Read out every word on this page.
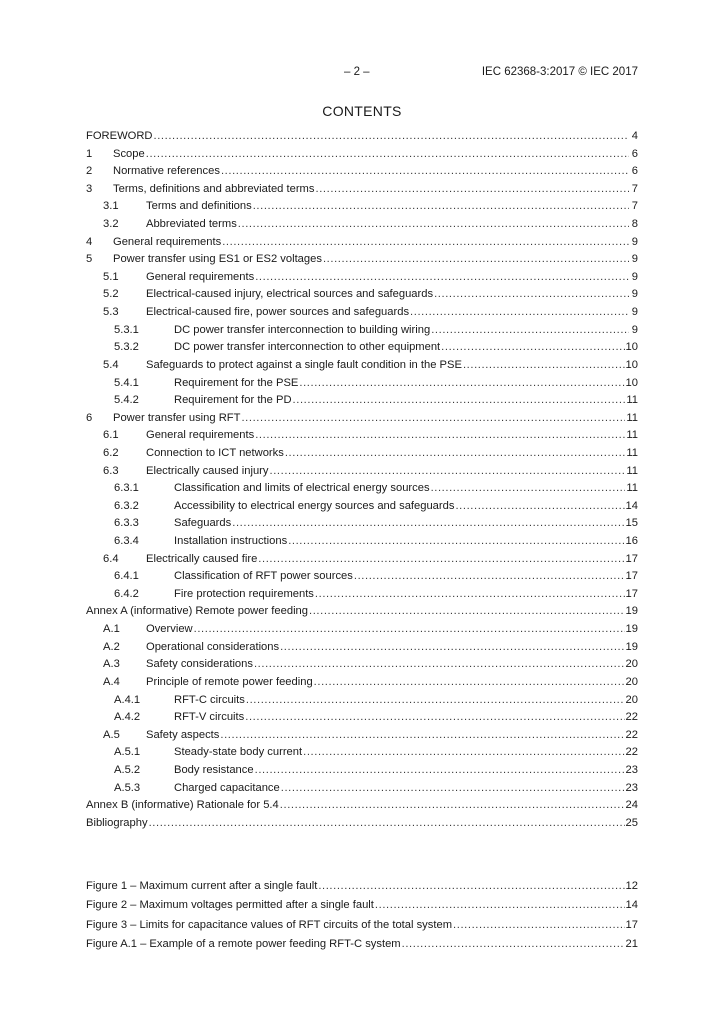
– 2 –	IEC 62368-3:2017 © IEC 2017
CONTENTS
FOREWORD .....	4
1	Scope .....	6
2	Normative references .....	6
3	Terms, definitions and abbreviated terms .....	7
3.1	Terms and definitions .....	7
3.2	Abbreviated terms .....	8
4	General requirements .....	9
5	Power transfer using ES1 or ES2 voltages .....	9
5.1	General requirements .....	9
5.2	Electrical-caused injury, electrical sources and safeguards .....	9
5.3	Electrical-caused fire, power sources and safeguards .....	9
5.3.1	DC power transfer interconnection to building wiring .....	9
5.3.2	DC power transfer interconnection to other equipment .....	10
5.4	Safeguards to protect against a single fault condition in the PSE .....	10
5.4.1	Requirement for the PSE .....	10
5.4.2	Requirement for the PD .....	11
6	Power transfer using RFT .....	11
6.1	General requirements .....	11
6.2	Connection to ICT networks .....	11
6.3	Electrically caused injury .....	11
6.3.1	Classification and limits of electrical energy sources .....	11
6.3.2	Accessibility to electrical energy sources and safeguards .....	14
6.3.3	Safeguards .....	15
6.3.4	Installation instructions .....	16
6.4	Electrically caused fire .....	17
6.4.1	Classification of RFT power sources .....	17
6.4.2	Fire protection requirements .....	17
Annex A (informative) Remote power feeding .....	19
A.1	Overview .....	19
A.2	Operational considerations .....	19
A.3	Safety considerations .....	20
A.4	Principle of remote power feeding .....	20
A.4.1	RFT-C circuits .....	20
A.4.2	RFT-V circuits .....	22
A.5	Safety aspects .....	22
A.5.1	Steady-state body current .....	22
A.5.2	Body resistance .....	23
A.5.3	Charged capacitance .....	23
Annex B (informative) Rationale for 5.4 .....	24
Bibliography .....	25
Figure 1 – Maximum current after a single fault .....	12
Figure 2 – Maximum voltages permitted after a single fault .....	14
Figure 3 – Limits for capacitance values of RFT circuits of the total system .....	17
Figure A.1 – Example of a remote power feeding RFT-C system .....	21
